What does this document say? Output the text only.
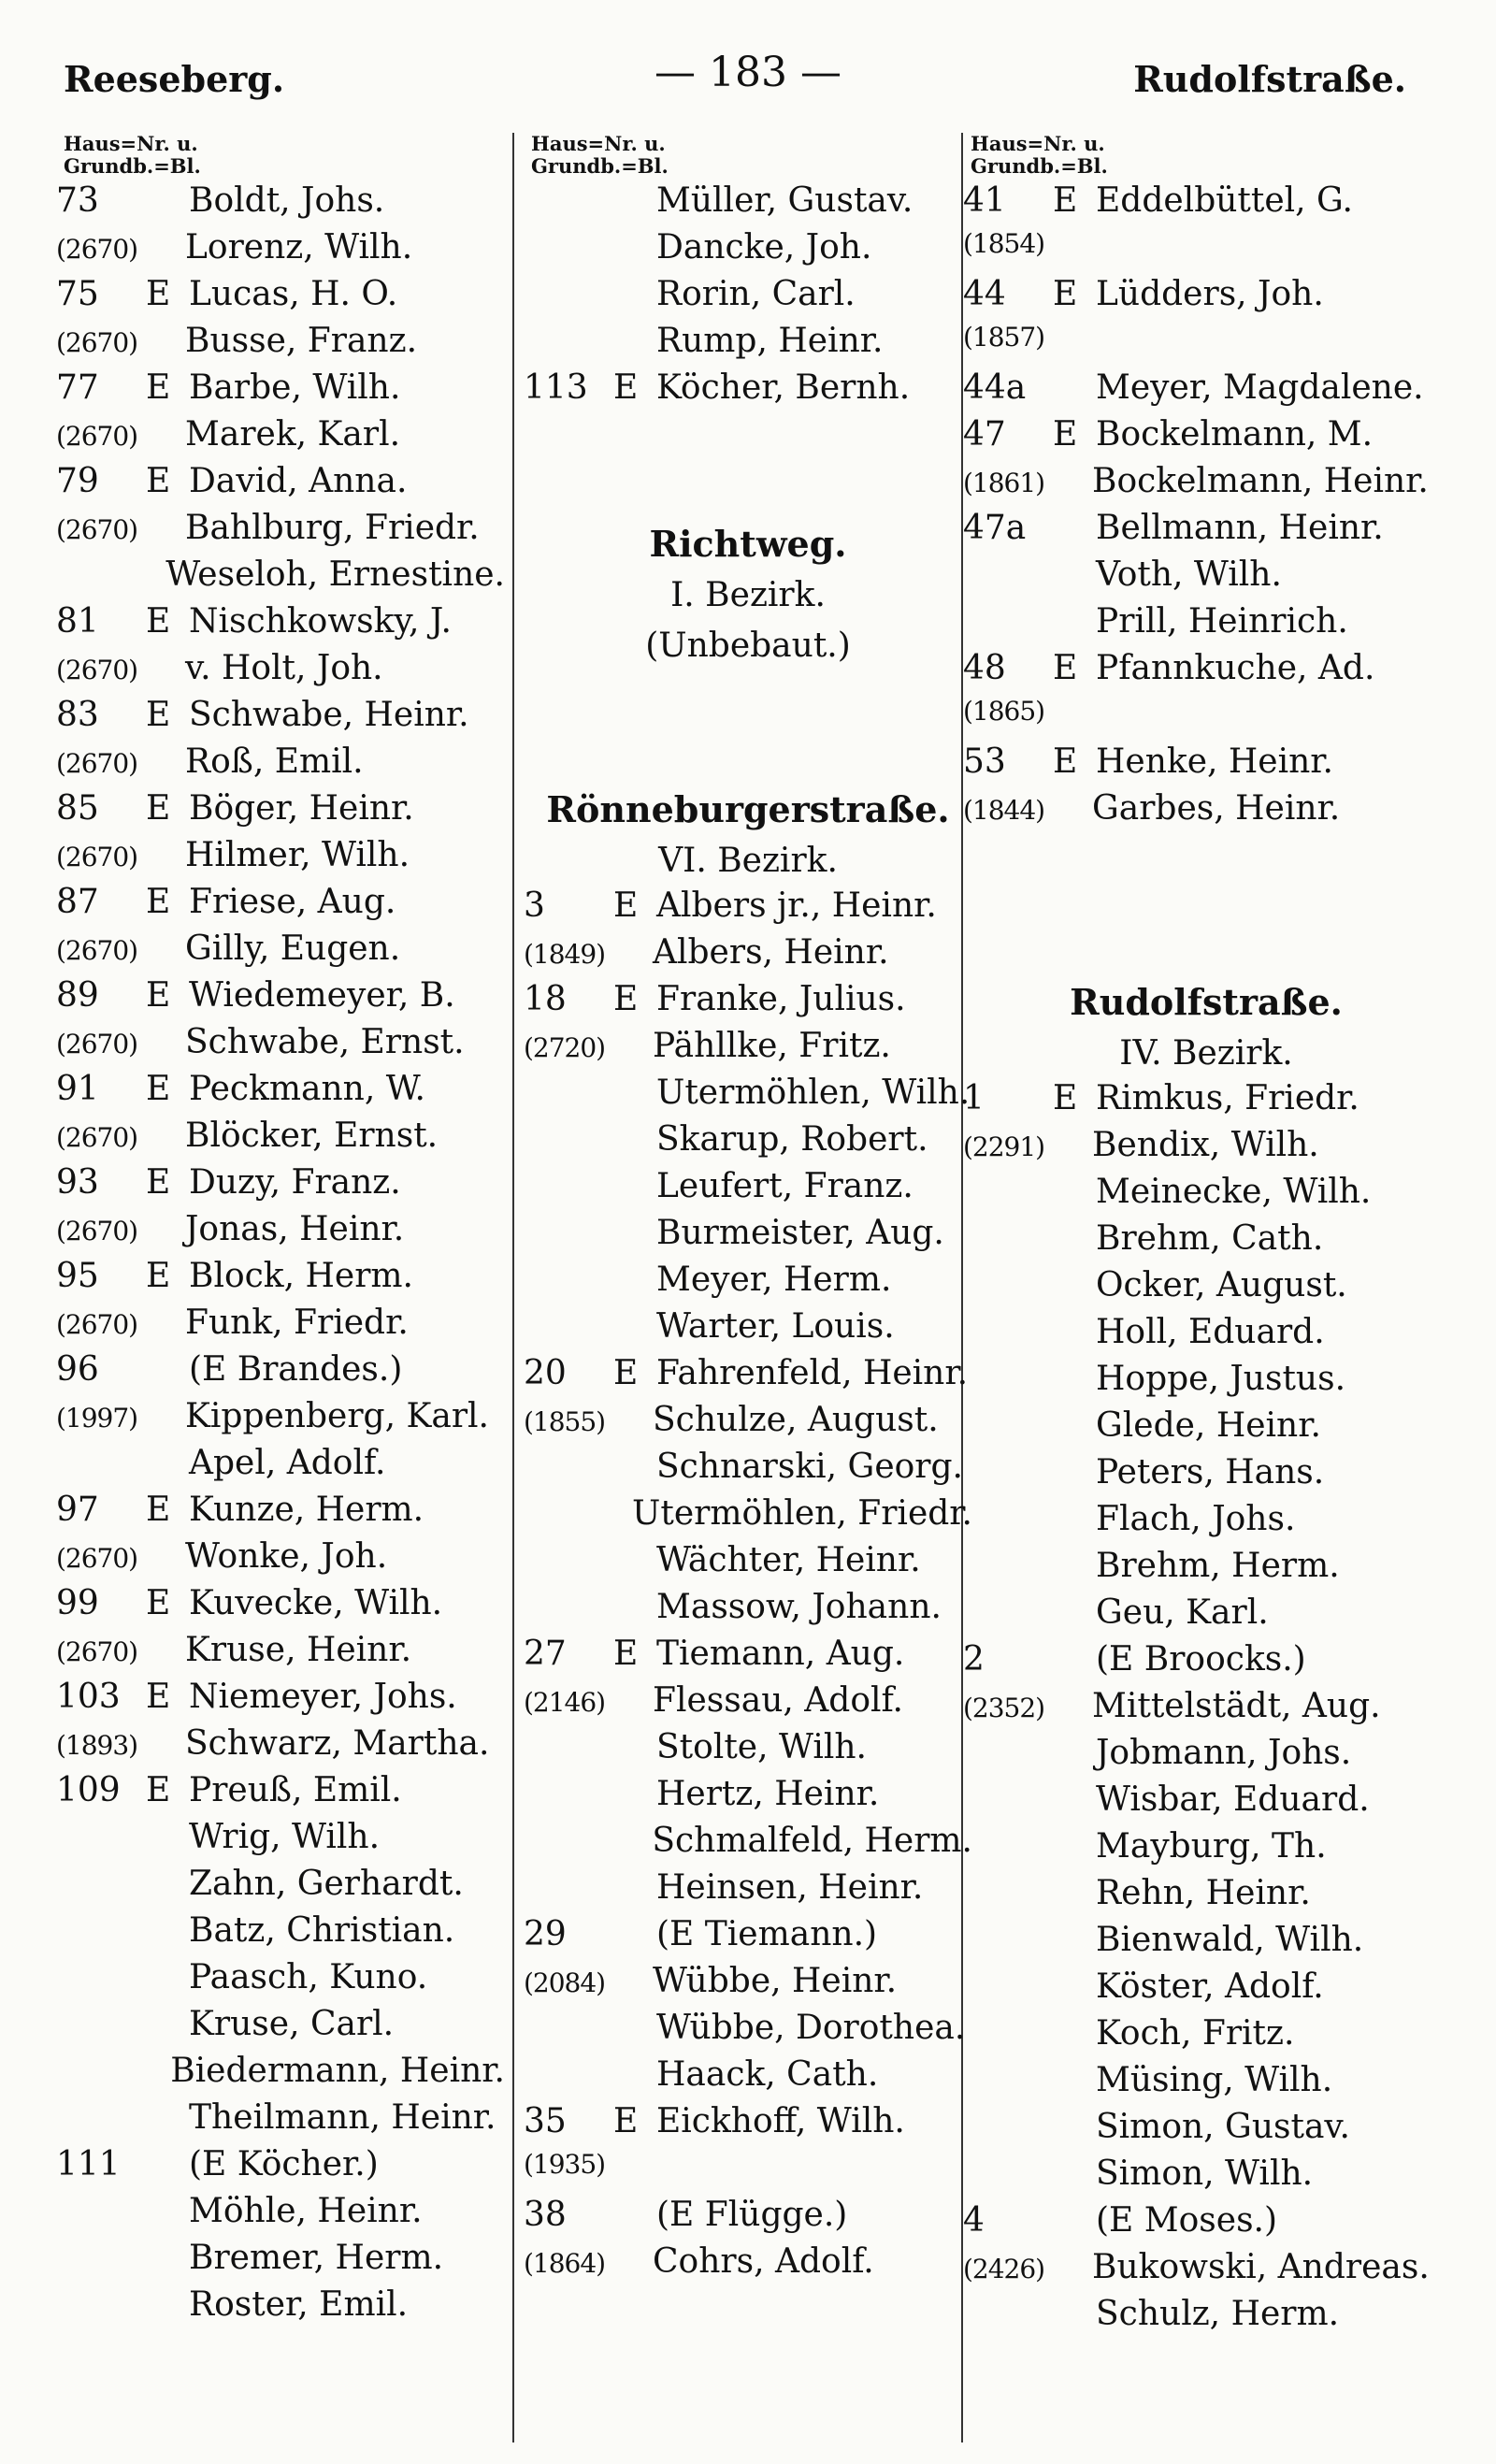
Reeseberg.	— 183 —	Rudolfstraße.
Haus=Nr. u.
Grundb.=Bl.
73	Boldt, Johs.
(2670)	Lorenz, Wilh.
75	E Lucas, H. O.
(2670)	Busse, Franz.
77	E Barbe, Wilh.
(2670)	Marek, Karl.
79	E David, Anna.
(2670)	Bahlburg, Friedr.
Weseloh, Ernestine.
81	E Nischkowsky, J.
(2670)	v. Holt, Joh.
83	E Schwabe, Heinr.
(2670)	Roß, Emil.
85	E Böger, Heinr.
(2670)	Hilmer, Wilh.
87	E Friese, Aug.
(2670)	Gilly, Eugen.
89	E Wiedemeyer, B.
(2670)	Schwabe, Ernst.
91	E Peckmann, W.
(2670)	Blöcker, Ernst.
93	E Duzy, Franz.
(2670)	Jonas, Heinr.
95	E Block, Herm.
(2670)	Funk, Friedr.
96	(E Brandes.)
(1997)	Kippenberg, Karl.
Apel, Adolf.
97	E Kunze, Herm.
(2670)	Wonke, Joh.
99	E Kuvecke, Wilh.
(2670)	Kruse, Heinr.
103 E Niemeyer, Johs.
(1893)	Schwarz, Martha.
109 E Preuß, Emil.
Wrig, Wilh.
Zahn, Gerhardt.
Batz, Christian.
Paasch, Kuno.
Kruse, Carl.
Biedermann, Heinr.
Theilmann, Heinr.
111	(E Köcher.)
Möhle, Heinr.
Bremer, Herm.
Roster, Emil.
Haus=Nr. u.
Grundb.=Bl.
Müller, Gustav.
Dancke, Joh.
Rorin, Carl.
Rump, Heinr.
113 E Köcher, Bernh.
Richtweg.
I. Bezirk.
(Unbebaut.)
Rönneburgerstraße.
VI. Bezirk.
3	E Albers jr., Heinr.
(1849)	Albers, Heinr.
18	E Franke, Julius.
(2720)	Pähllke, Fritz.
Utermöhlen, Wilh.
Skarup, Robert.
Leufert, Franz.
Burmeister, Aug.
Meyer, Herm.
Warter, Louis.
20	E Fahrenfeld, Heinr.
(1855)	Schulze, August.
Schnarski, Georg.
Utermöhlen, Friedr.
Wächter, Heinr.
Massow, Johann.
27	E Tiemann, Aug.
(2146)	Flessau, Adolf.
Stolte, Wilh.
Hertz, Heinr.
Schmalfeld, Herm.
Heinsen, Heinr.
29	(E Tiemann.)
(2084)	Wübbe, Heinr.
Wübbe, Dorothea.
Haack, Cath.
35	E Eickhoff, Wilh.
(1935)
38	(E Flügge.)
(1864)	Cohrs, Adolf.
Haus=Nr. u.
Grundb.=Bl.
41	E Eddelbüttel, G.
(1854)
44	E Lüdders, Joh.
(1857)
44a	Meyer, Magdalene.
47	E Bockelmann, M.
(1861)	Bockelmann, Heinr.
47a	Bellmann, Heinr.
Voth, Wilh.
Prill, Heinrich.
48	E Pfannkuche, Ad.
(1865)
53	E Henke, Heinr.
(1844)	Garbes, Heinr.
Rudolfstraße.
IV. Bezirk.
1	E Rimkus, Friedr.
(2291)	Bendix, Wilh.
Meinecke, Wilh.
Brehm, Cath.
Ocker, August.
Holl, Eduard.
Hoppe, Justus.
Glede, Heinr.
Peters, Hans.
Flach, Johs.
Brehm, Herm.
Geu, Karl.
2	(E Broocks.)
(2352)	Mittelstädt, Aug.
Jobmann, Johs.
Wisbar, Eduard.
Mayburg, Th.
Rehn, Heinr.
Bienwald, Wilh.
Köster, Adolf.
Koch, Fritz.
Müsing, Wilh.
Simon, Gustav.
Simon, Wilh.
4	(E Moses.)
(2426)	Bukowski, Andreas.
Schulz, Herm.
